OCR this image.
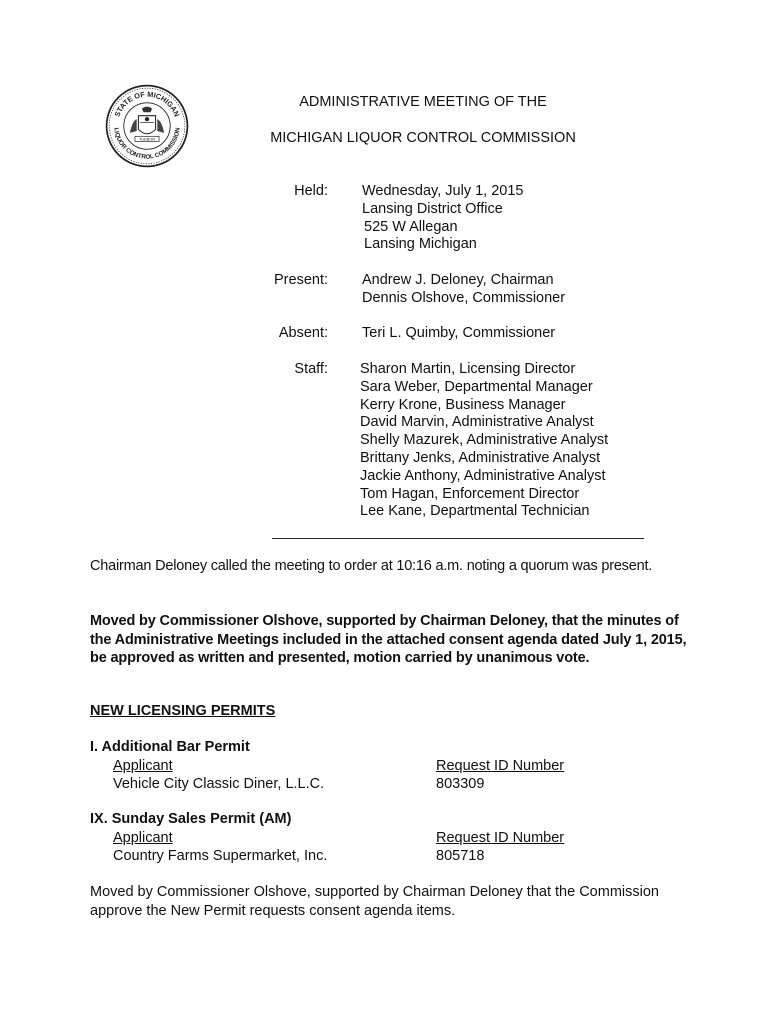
STATE OF MICHIGAN
LIQUOR CONTROL COMMISSION
TUEBOR
ADMINISTRATIVE MEETING OF THE
MICHIGAN LIQUOR CONTROL COMMISSION
Held: Wednesday, July 1, 2015
Lansing District Office
525 W Allegan
Lansing Michigan
Present: Andrew J. Deloney, Chairman
Dennis Olshove, Commissioner
Absent: Teri L. Quimby, Commissioner
Staff: Sharon Martin, Licensing Director
Sara Weber, Departmental Manager
Kerry Krone, Business Manager
David Marvin, Administrative Analyst
Shelly Mazurek, Administrative Analyst
Brittany Jenks, Administrative Analyst
Jackie Anthony, Administrative Analyst
Tom Hagan, Enforcement Director
Lee Kane, Departmental Technician
Chairman Deloney called the meeting to order at 10:16 a.m. noting a quorum was present.
Moved by Commissioner Olshove, supported by Chairman Deloney, that the minutes of the Administrative Meetings included in the attached consent agenda dated July 1, 2015, be approved as written and presented, motion carried by unanimous vote.
NEW LICENSING PERMITS
I. Additional Bar Permit
Applicant
Vehicle City Classic Diner, L.L.C.
Request ID Number
803309
IX. Sunday Sales Permit (AM)
Applicant
Country Farms Supermarket, Inc.
Request ID Number
805718
Moved by Commissioner Olshove, supported by Chairman Deloney that the Commission approve the New Permit requests consent agenda items.
